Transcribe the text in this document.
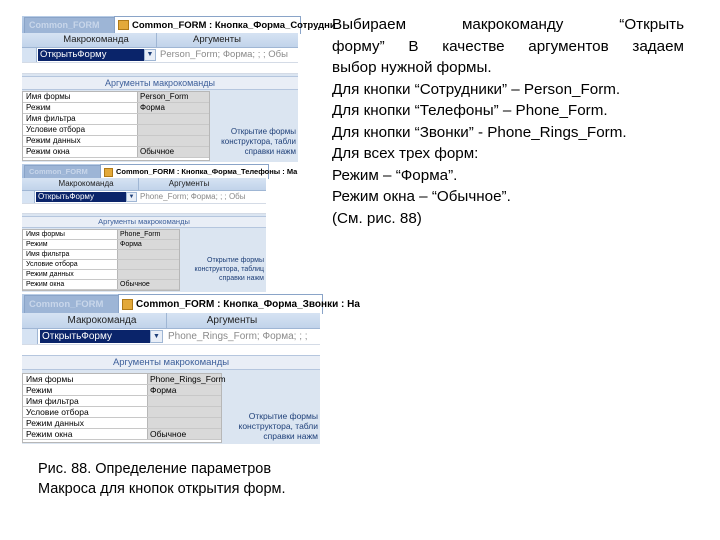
Common_FORM	Common_FORM : Кнопка_Форма_Сотрудни
Макрокоманда	Аргументы
ОткрытьФорму	▼ Person_Form; Форма; ; ; Обы
Аргументы макрокоманды
Имя формы	Person_Form
Режим	Форма
Имя фильтра
Условие отбора
Режим данных
Режим окна	Обычное
Открытие формы
конструктора, табли
справки нажм
Common_FORM	Common_FORM : Кнопка_Форма_Телефоны : Ма
Макрокоманда	Аргументы
ОткрытьФорму	▼ Phone_Form; Форма; ; ; Обы
Аргументы макрокоманды
Имя формы	Phone_Form
Режим	Форма
Имя фильтра
Условие отбора
Режим данных
Режим окна	Обычное
Открытие формы
конструктора, таблиц
справки нажм
Common_FORM	Common_FORM : Кнопка_Форма_Звонки : На
Макрокоманда	Аргументы
ОткрытьФорму	▼ Phone_Rings_Form; Форма; ; ;
Аргументы макрокоманды
Имя формы	Phone_Rings_Form
Режим	Форма
Имя фильтра
Условие отбора
Режим данных
Режим окна	Обычное
Открытие формы
конструктора, табли
справки нажм
Выбираем макрокоманду “Открыть
форму” В качестве аргументов задаем
выбор нужной формы.
Для кнопки “Сотрудники” – Person_Form.
Для кнопки “Телефоны” – Phone_Form.
Для кнопки “Звонки” - Phone_Rings_Form.
Для всех трех форм:
Режим – “Форма”.
Режим окна – “Обычное”.
(См. рис. 88)
Рис. 88. Определение параметров
Макроса для кнопок открытия форм.
